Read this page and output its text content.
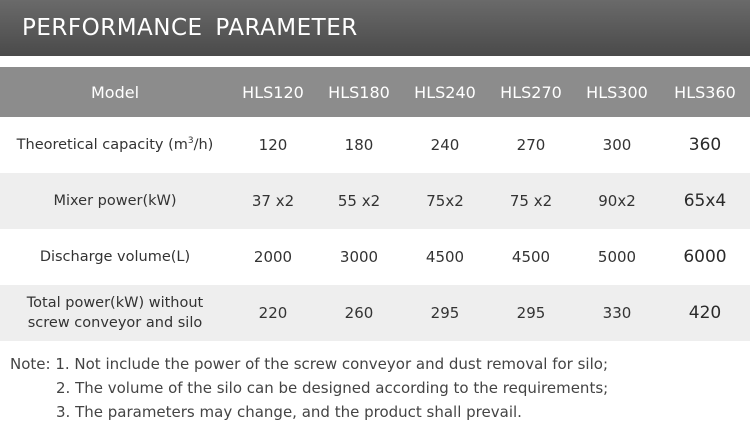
PERFORMANCE PARAMETER
Model	HLS120	HLS180	HLS240	HLS270	HLS300	HLS360
Theoretical capacity $(m^3/h)$	120	180	240	270	300	360
Mixer power(kW)	37 x2	55 x2	75x2	75 x2	90x2	65x4
Discharge volume(L)	2000	3000	4500	4500	5000	6000

Total power(kW) without
screw conveyor and silo	220	260	295	295	330	420
Note: 1. Not include the power of the screw conveyor and dust removal for silo;
2. The volume of the silo can be designed according to the requirements;
3. The parameters may change, and the product shall prevail.
